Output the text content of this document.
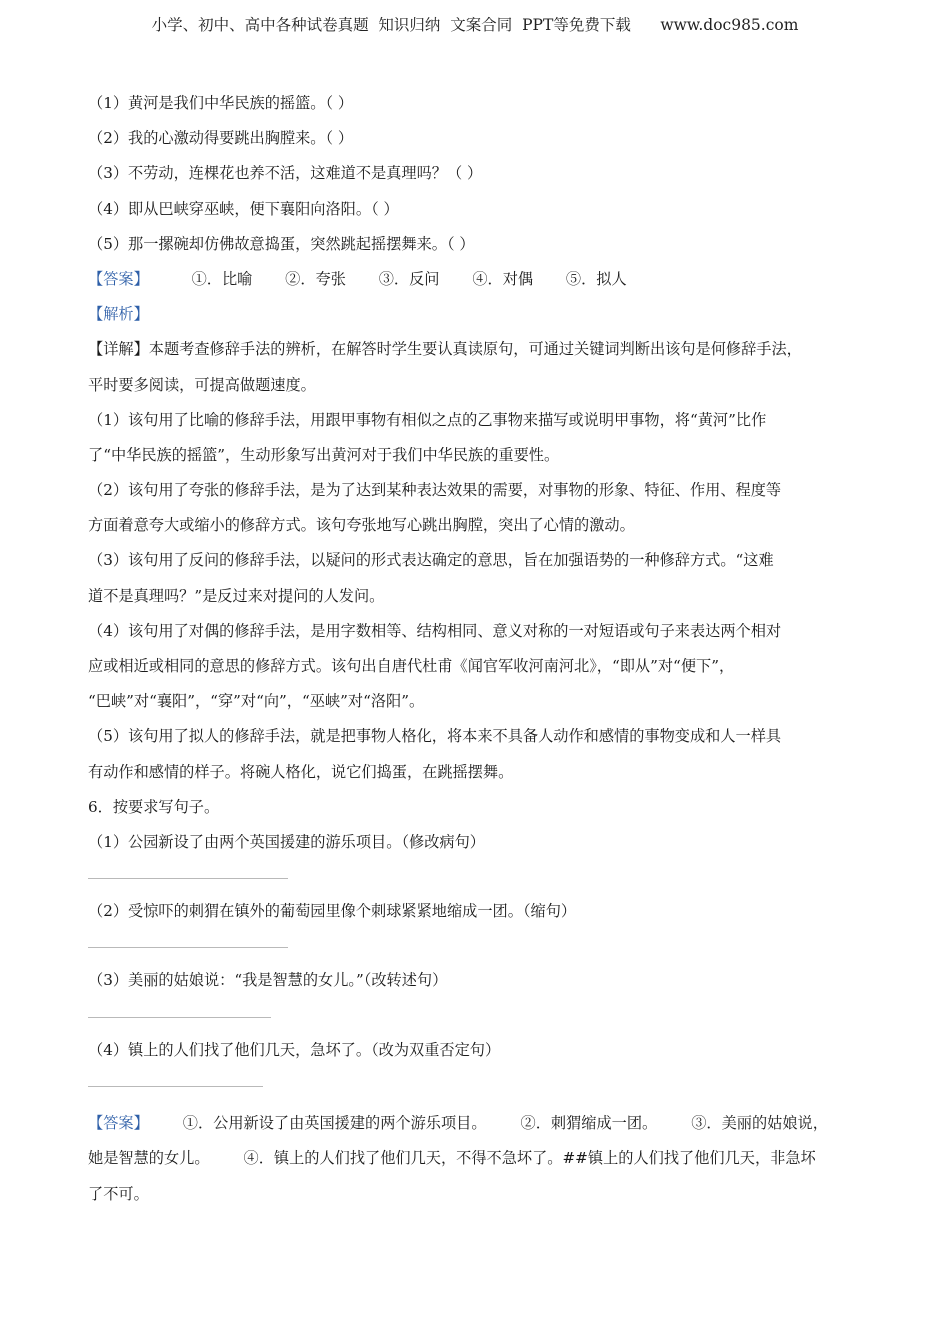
小学、初中、高中各种试卷真题  知识归纳  文案合同  PPT等免费下载      www.doc985.com
（1）黄河是我们中华民族的摇篮。（ ）
（2）我的心激动得要跳出胸膛来。（ ）
（3）不劳动，连棵花也养不活，这难道不是真理吗？（ ）
（4）即从巴峡穿巫峡，便下襄阳向洛阳。（ ）
（5）那一摞碗却仿佛故意捣蛋，突然跳起摇摆舞来。（ ）
【答案】	①．比喻 ②．夸张 ③．反问 ④．对偶 ⑤．拟人
【解析】
【详解】本题考查修辞手法的辨析，在解答时学生要认真读原句，可通过关键词判断出该句是何修辞手法，
平时要多阅读，可提高做题速度。
（1）该句用了比喻的修辞手法，用跟甲事物有相似之点的乙事物来描写或说明甲事物，将“黄河”比作
了“中华民族的摇篮”，生动形象写出黄河对于我们中华民族的重要性。
（2）该句用了夸张的修辞手法，是为了达到某种表达效果的需要，对事物的形象、特征、作用、程度等
方面着意夸大或缩小的修辞方式。该句夸张地写心跳出胸膛，突出了心情的激动。
（3）该句用了反问的修辞手法，以疑问的形式表达确定的意思，旨在加强语势的一种修辞方式。“这难
道不是真理吗？”是反过来对提问的人发问。
（4）该句用了对偶的修辞手法，是用字数相等、结构相同、意义对称的一对短语或句子来表达两个相对
应或相近或相同的意思的修辞方式。该句出自唐代杜甫《闻官军收河南河北》，“即从”对“便下”，
“巴峡”对“襄阳”，“穿”对“向”，“巫峡”对“洛阳”。
（5）该句用了拟人的修辞手法，就是把事物人格化，将本来不具备人动作和感情的事物变成和人一样具
有动作和感情的样子。将碗人格化，说它们捣蛋，在跳摇摆舞。
6．按要求写句子。
（1）公园新设了由两个英国援建的游乐项目。（修改病句）
（2）受惊吓的刺猬在镇外的葡萄园里像个刺球紧紧地缩成一团。（缩句）
（3）美丽的姑娘说：“我是智慧的女儿。”（改转述句）
（4）镇上的人们找了他们几天，急坏了。（改为双重否定句）
【答案】 ①．公用新设了由英国援建的两个游乐项目。 ②．刺猬缩成一团。 ③．美丽的姑娘说，
她是智慧的女儿。 ④．镇上的人们找了他们几天，不得不急坏了。##镇上的人们找了他们几天，非急坏
了不可。
